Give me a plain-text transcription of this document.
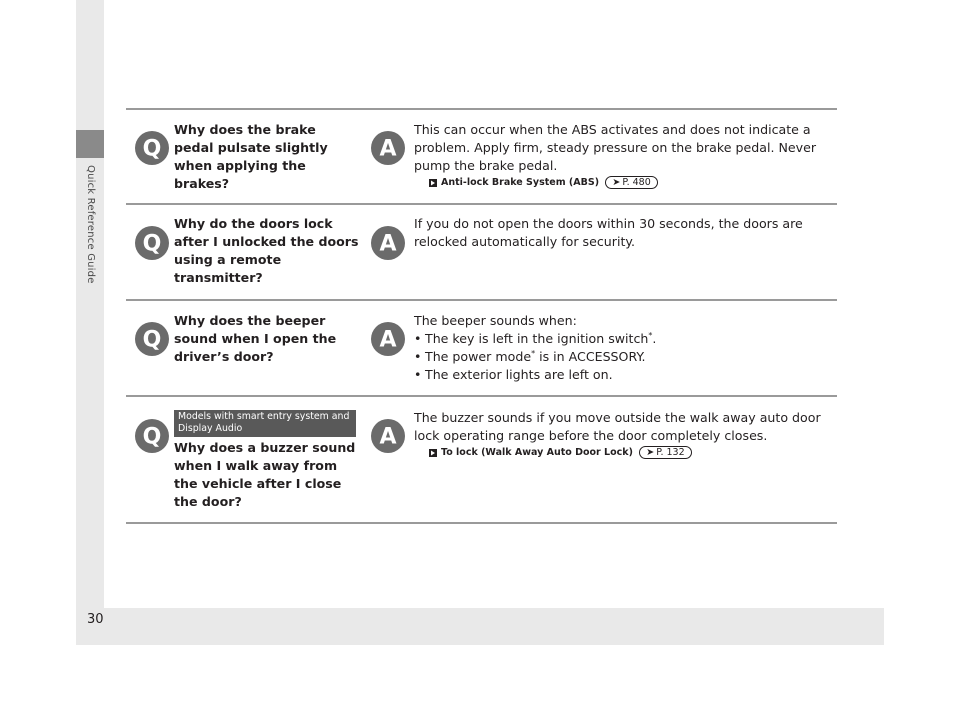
Quick Reference Guide
30
Q
Why does the brake pedal pulsate slightly when applying the brakes?
A

This can occur when the ABS activates and does not indicate a problem. Apply firm, steady pressure on the brake pedal. Never pump the brake pedal.

Anti-lock Brake System (ABS) ➤ P. 480
Q
Why do the doors lock after I unlocked the doors using a remote transmitter?
A

If you do not open the doors within 30 seconds, the doors are relocked automatically for security.

Q
Why does the beeper sound when I open the driver’s door?
A

The beeper sounds when:

• The key is left in the ignition switch*.
• The power mode* is in ACCESSORY.
• The exterior lights are left on.
Q
Models with smart entry system and Display Audio
Why does a buzzer sound when I walk away from the vehicle after I close the door?
A

The buzzer sounds if you move outside the walk away auto door lock operating range before the door completely closes.

To lock (Walk Away Auto Door Lock) ➤ P. 132
